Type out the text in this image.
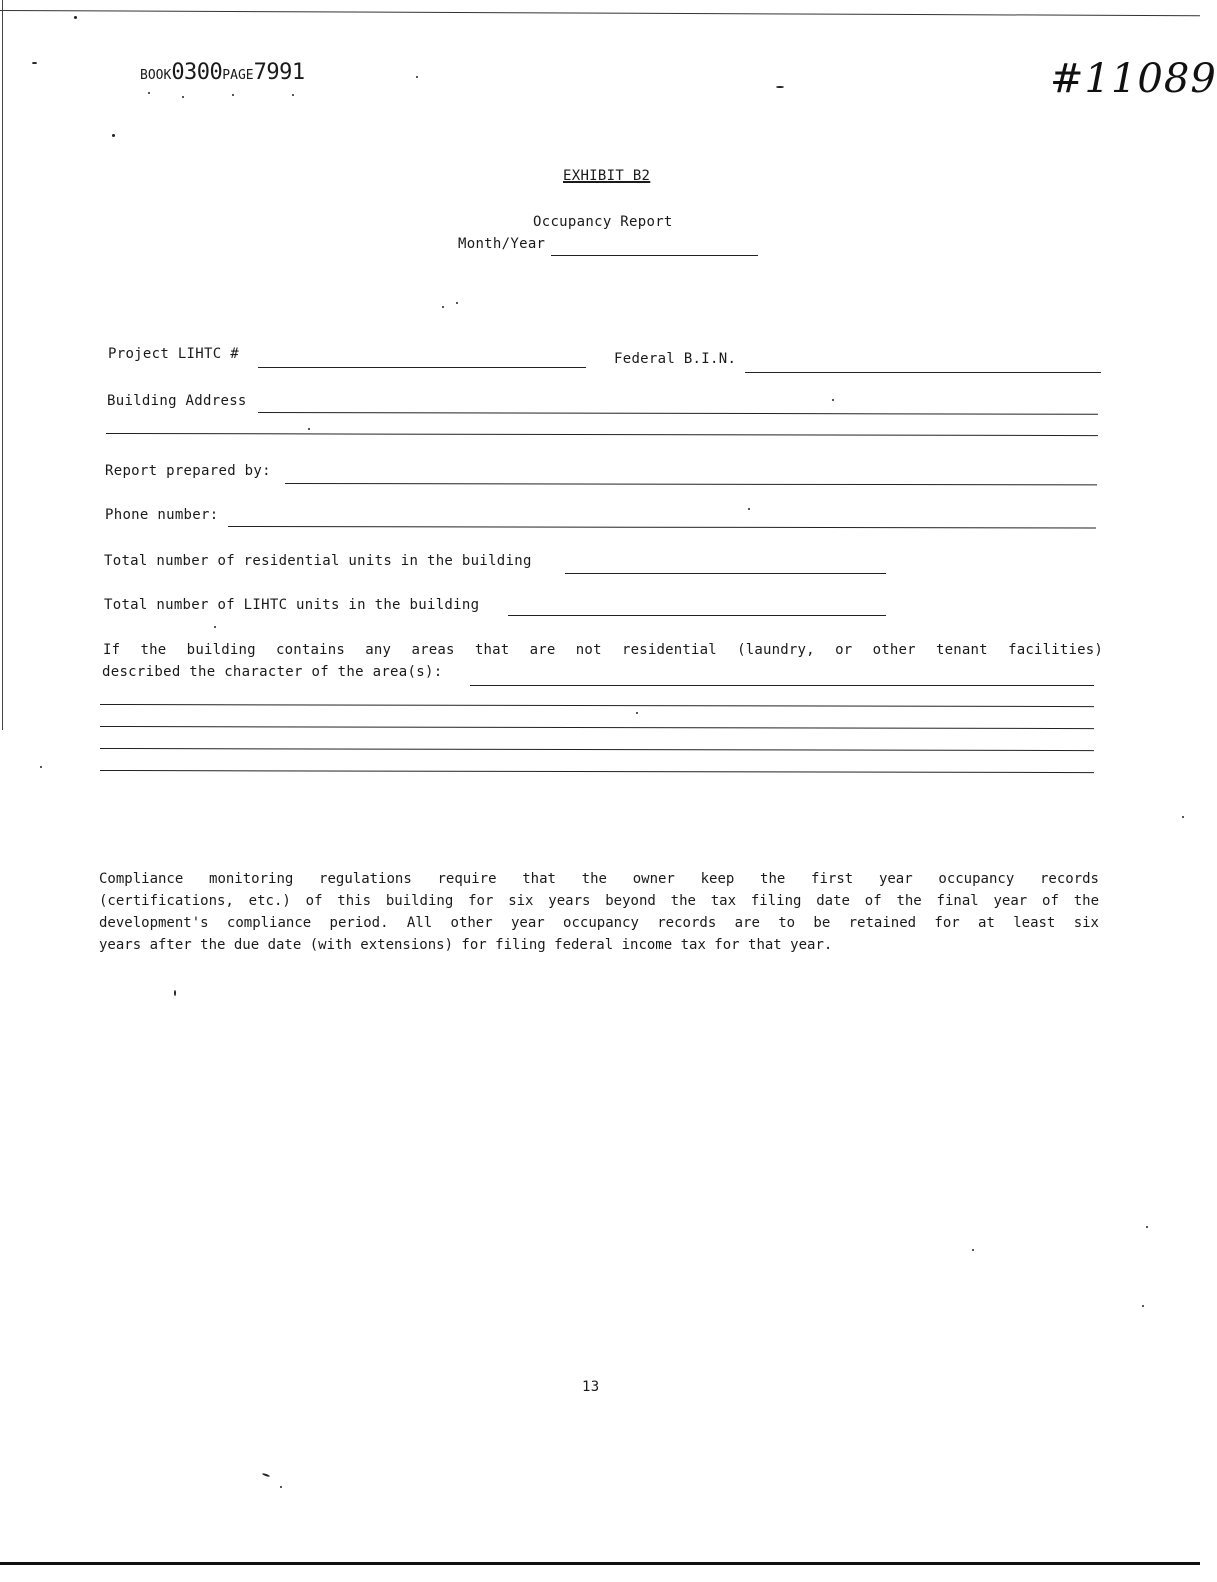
BOOK0300PAGE7991	#11089
EXHIBIT B2
Occupancy Report
Month/Year
Project LIHTC #	Federal B.I.N.
Building Address
Report prepared by:
Phone number:
Total number of residential units in the building
Total number of LIHTC units in the building
If the building contains any areas that are not residential (laundry, or other tenant facilities)
described the character of the area(s):

Compliance monitoring regulations require that the owner keep the first year occupancy records

(certifications, etc.) of this building for six years beyond the tax filing date of the final year of the

development's compliance period. All other year occupancy records are to be retained for at least six

years after the due date (with extensions) for filing federal income tax for that year.

13
